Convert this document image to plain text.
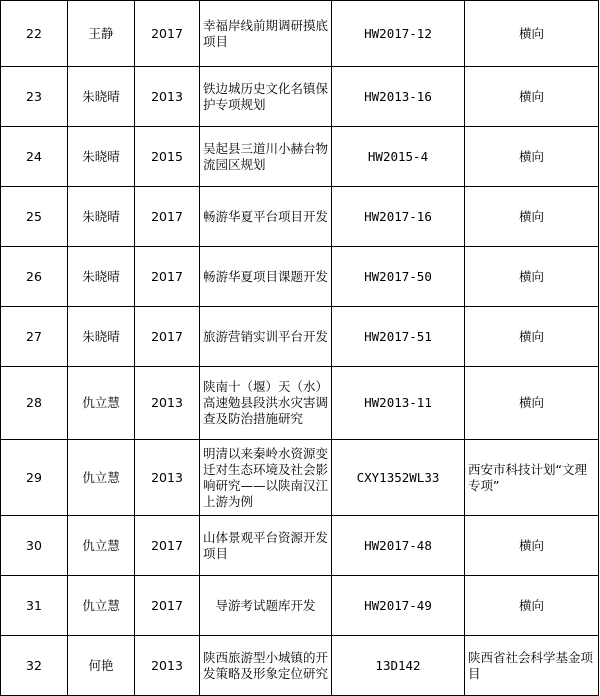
22	王静	2017	幸福岸线前期调研摸底项目	HW2017-12	横向
23	朱晓晴	2013	铁边城历史文化名镇保护专项规划	HW2013-16	横向
24	朱晓晴	2015	吴起县三道川小赫台物流园区规划	HW2015-4	横向
25	朱晓晴	2017	畅游华夏平台项目开发	HW2017-16	横向
26	朱晓晴	2017	畅游华夏项目课题开发	HW2017-50	横向
27	朱晓晴	2017	旅游营销实训平台开发	HW2017-51	横向
28	仇立慧	2013	陕南十（堰）天（水）高速勉县段洪水灾害调查及防治措施研究	HW2013-11	横向
29	仇立慧	2013	明清以来秦岭水资源变迁对生态环境及社会影响研究——以陕南汉江上游为例	CXY1352WL33	西安市科技计划“文理专项”
30	仇立慧	2017	山体景观平台资源开发项目	HW2017-48	横向
31	仇立慧	2017	导游考试题库开发	HW2017-49	横向
32	何艳	2013	陕西旅游型小城镇的开发策略及形象定位研究	13D142	陕西省社会科学基金项目
